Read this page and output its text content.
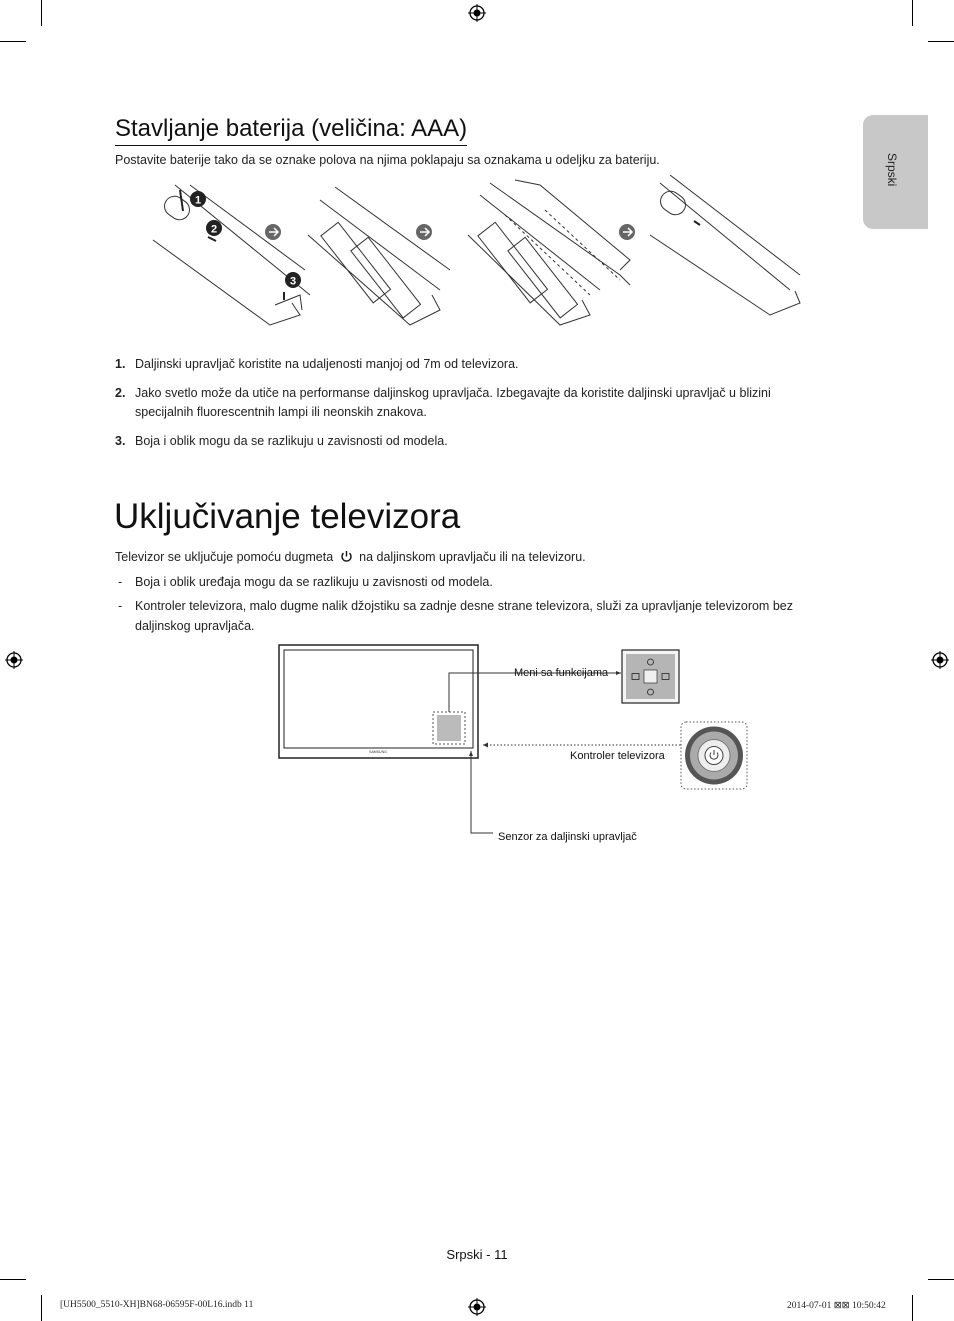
Srpski
Stavljanje baterija (veličina: AAA)
Postavite baterije tako da se oznake polova na njima poklapaju sa oznakama u odeljku za bateriju.
1
2
3
1. Daljinski upravljač koristite na udaljenosti manjoj od 7m od televizora.
2. Jako svetlo može da utiče na performanse daljinskog upravljača. Izbegavajte da koristite daljinski upravljač u blizini specijalnih fluorescentnih lampi ili neonskih znakova.
3. Boja i oblik mogu da se razlikuju u zavisnosti od modela.
Uključivanje televizora
Televizor se uključuje pomoću dugmeta na daljinskom upravljaču ili na televizoru.
- Boja i oblik uređaja mogu da se razlikuju u zavisnosti od modela.
- Kontroler televizora, malo dugme nalik džojstiku sa zadnje desne strane televizora, služi za upravljanje televizorom bez daljinskog upravljača.
SAMSUNG
Meni sa funkcijama
Kontroler televizora
Senzor za daljinski upravljač
Srpski - 11
[UH5500_5510-XH]BN68-06595F-00L16.indb 11	2014-07-01 ⊠⊠ 10:50:42
